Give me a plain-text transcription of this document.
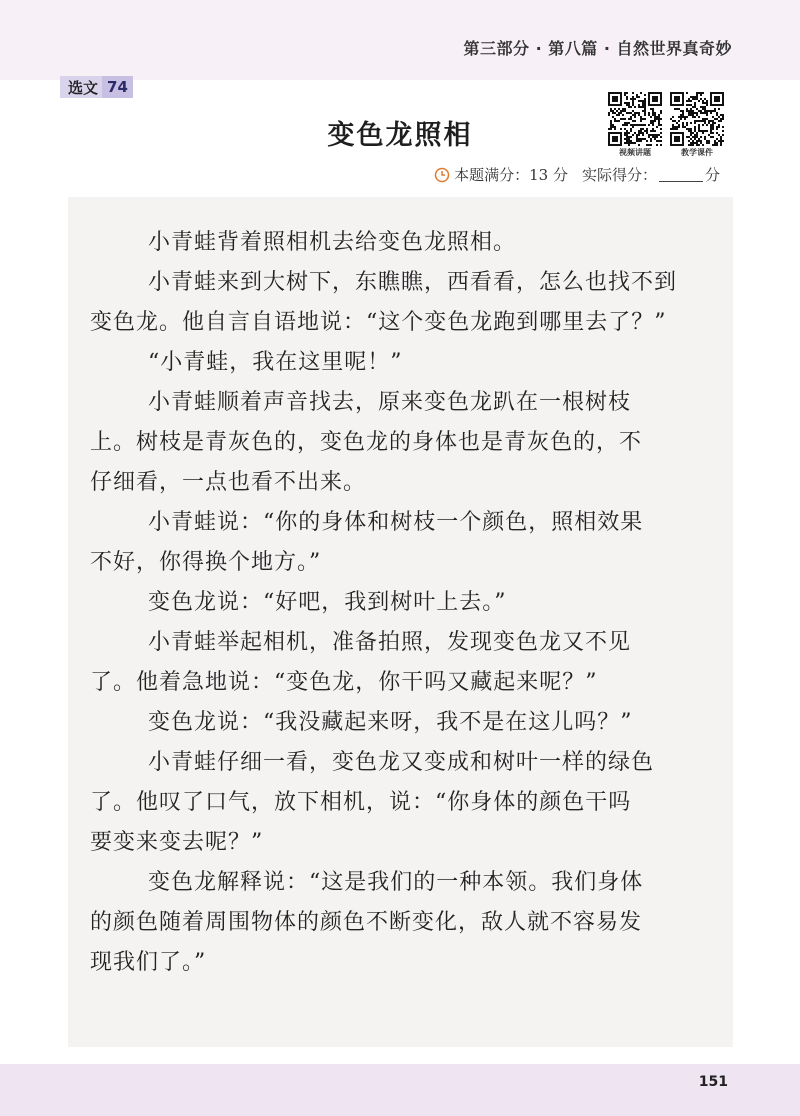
第三部分 · 第八篇 · 自然世界真奇妙
选文 74
变色龙照相
视频讲题	教学课件
本题满分：13 分 实际得分：	分

小青蛙背着照相机去给变色龙照相。

小青蛙来到大树下，东瞧瞧，西看看，怎么也找不到
变色龙。他自言自语地说：“这个变色龙跑到哪里去了？”

“小青蛙，我在这里呢！”

小青蛙顺着声音找去，原来变色龙趴在一根树枝
上。树枝是青灰色的，变色龙的身体也是青灰色的，不
仔细看，一点也看不出来。

小青蛙说：“你的身体和树枝一个颜色，照相效果
不好，你得换个地方。”

变色龙说：“好吧，我到树叶上去。”

小青蛙举起相机，准备拍照，发现变色龙又不见
了。他着急地说：“变色龙，你干吗又藏起来呢？”

变色龙说：“我没藏起来呀，我不是在这儿吗？”

小青蛙仔细一看，变色龙又变成和树叶一样的绿色
了。他叹了口气，放下相机，说：“你身体的颜色干吗
要变来变去呢？”

变色龙解释说：“这是我们的一种本领。我们身体
的颜色随着周围物体的颜色不断变化，敌人就不容易发
现我们了。”

151
